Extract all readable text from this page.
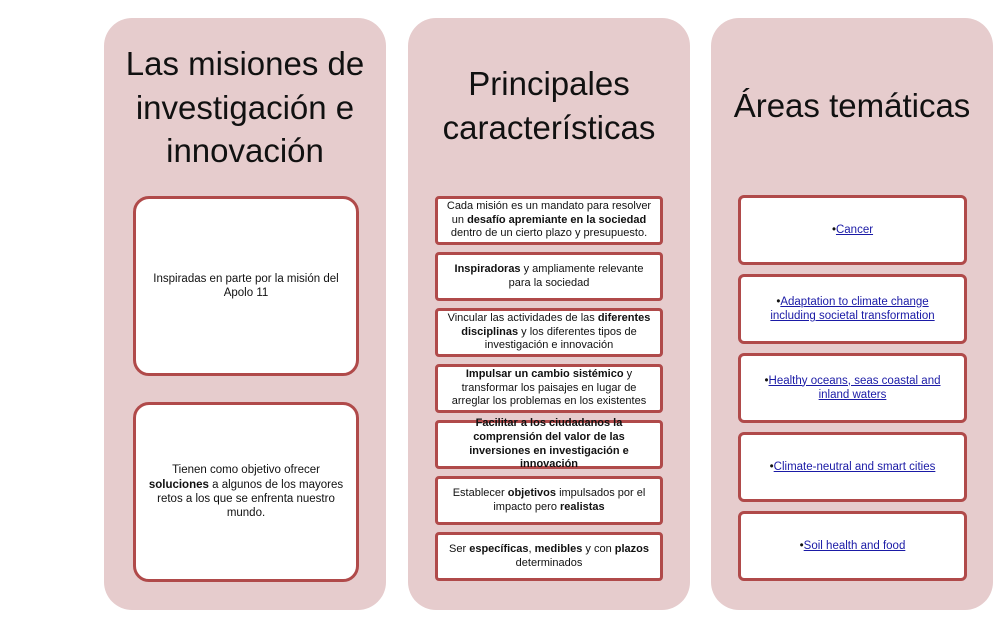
Las misiones de investigación e innovación
Inspiradas en parte por la misión del Apolo 11
Tienen como objetivo ofrecer soluciones a algunos de los mayores retos a los que se enfrenta nuestro mundo.
Principales características
Cada misión es un mandato para resolver un desafío apremiante en la sociedad dentro de un cierto plazo y presupuesto.
Inspiradoras y ampliamente relevante para la sociedad
Vincular las actividades de las diferentes disciplinas y los diferentes tipos de investigación e innovación
Impulsar un cambio sistémico y transformar los paisajes en lugar de arreglar los problemas en los existentes
Facilitar a los ciudadanos la comprensión del valor de las inversiones en investigación e innovación
Establecer objetivos impulsados por el impacto pero realistas
Ser específicas, medibles y con plazos determinados
Áreas temáticas
•Cancer
•Adaptation to climate change including societal transformation
•Healthy oceans, seas coastal and inland waters
•Climate-neutral and smart cities
•Soil health and food
